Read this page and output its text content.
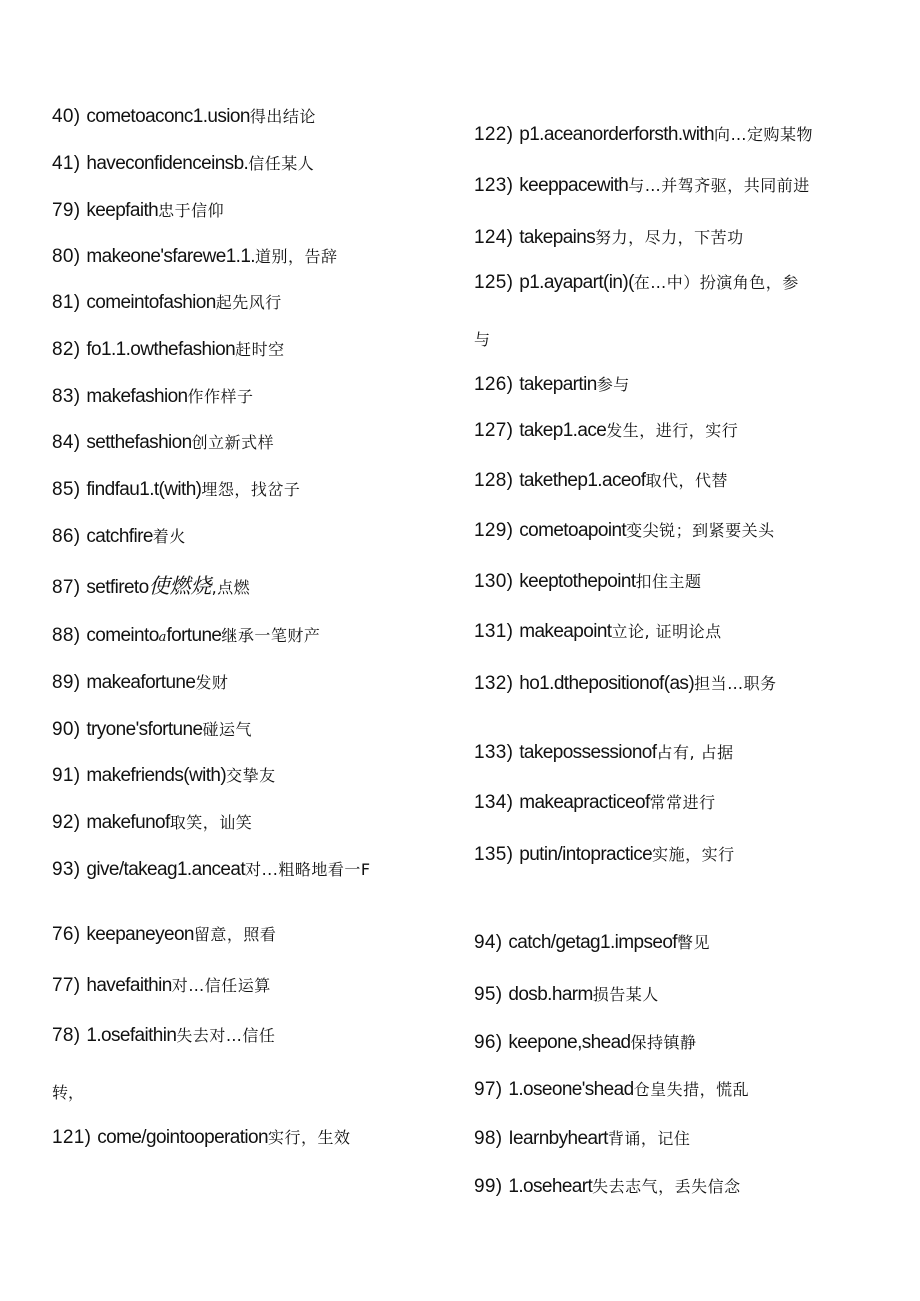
40) cometoaconc1.usion得出结论
41) haveconfidenceinsb.信任某人
79) keepfaith忠于信仰
80) makeone'sfarewe1.1.道别，告辞
81) comeintofashion起先风行
82) fo1.1.owthefashion赶时空
83) makefashion作作样子
84) setthefashion创立新式样
85) findfau1.t(with)埋怨，找岔子
86) catchfire着火
87) setfireto使燃烧,点燃
88) comeintoafortune继承一笔财产
89) makeafortune发财
90) tryone'sfortune碰运气
91) makefriends(with)交挚友
92) makefunof取笑，讪笑
93) give/takeag1.anceat对...粗略地看一F
76) keepaneyeon留意，照看
77) havefaithin对…信任运算
78) 1.osefaithin失去对…信任
转，
121) come/gointooperation实行，生效
122) p1.aceanorderforsth.with向…定购某物
123) keeppacewith与…并驾齐驱，共同前进
124) takepains努力，尽力，下苦功
125) p1.ayapart(in)(在…中）扮演角色，参
与
126) takepartin参与
127) takep1.ace发生，进行，实行
128) takethep1.aceof取代，代替
129) cometoapoint变尖锐；到紧要关头
130) keeptothepoint扣住主题
131) makeapoint立论, 证明论点
132) ho1.dthepositionof(as)担当…职务
133) takepossessionof占有, 占据
134) makeapracticeof常常进行
135) putin/intopractice实施，实行
94) catch/getag1.impseof瞥见
95) dosb.harm损告某人
96) keepone,shead保持镇静
97) 1.oseone'shead仓皇失措，慌乱
98) Iearnbyheart背诵，记住
99) 1.oseheart失去志气，丢失信念
